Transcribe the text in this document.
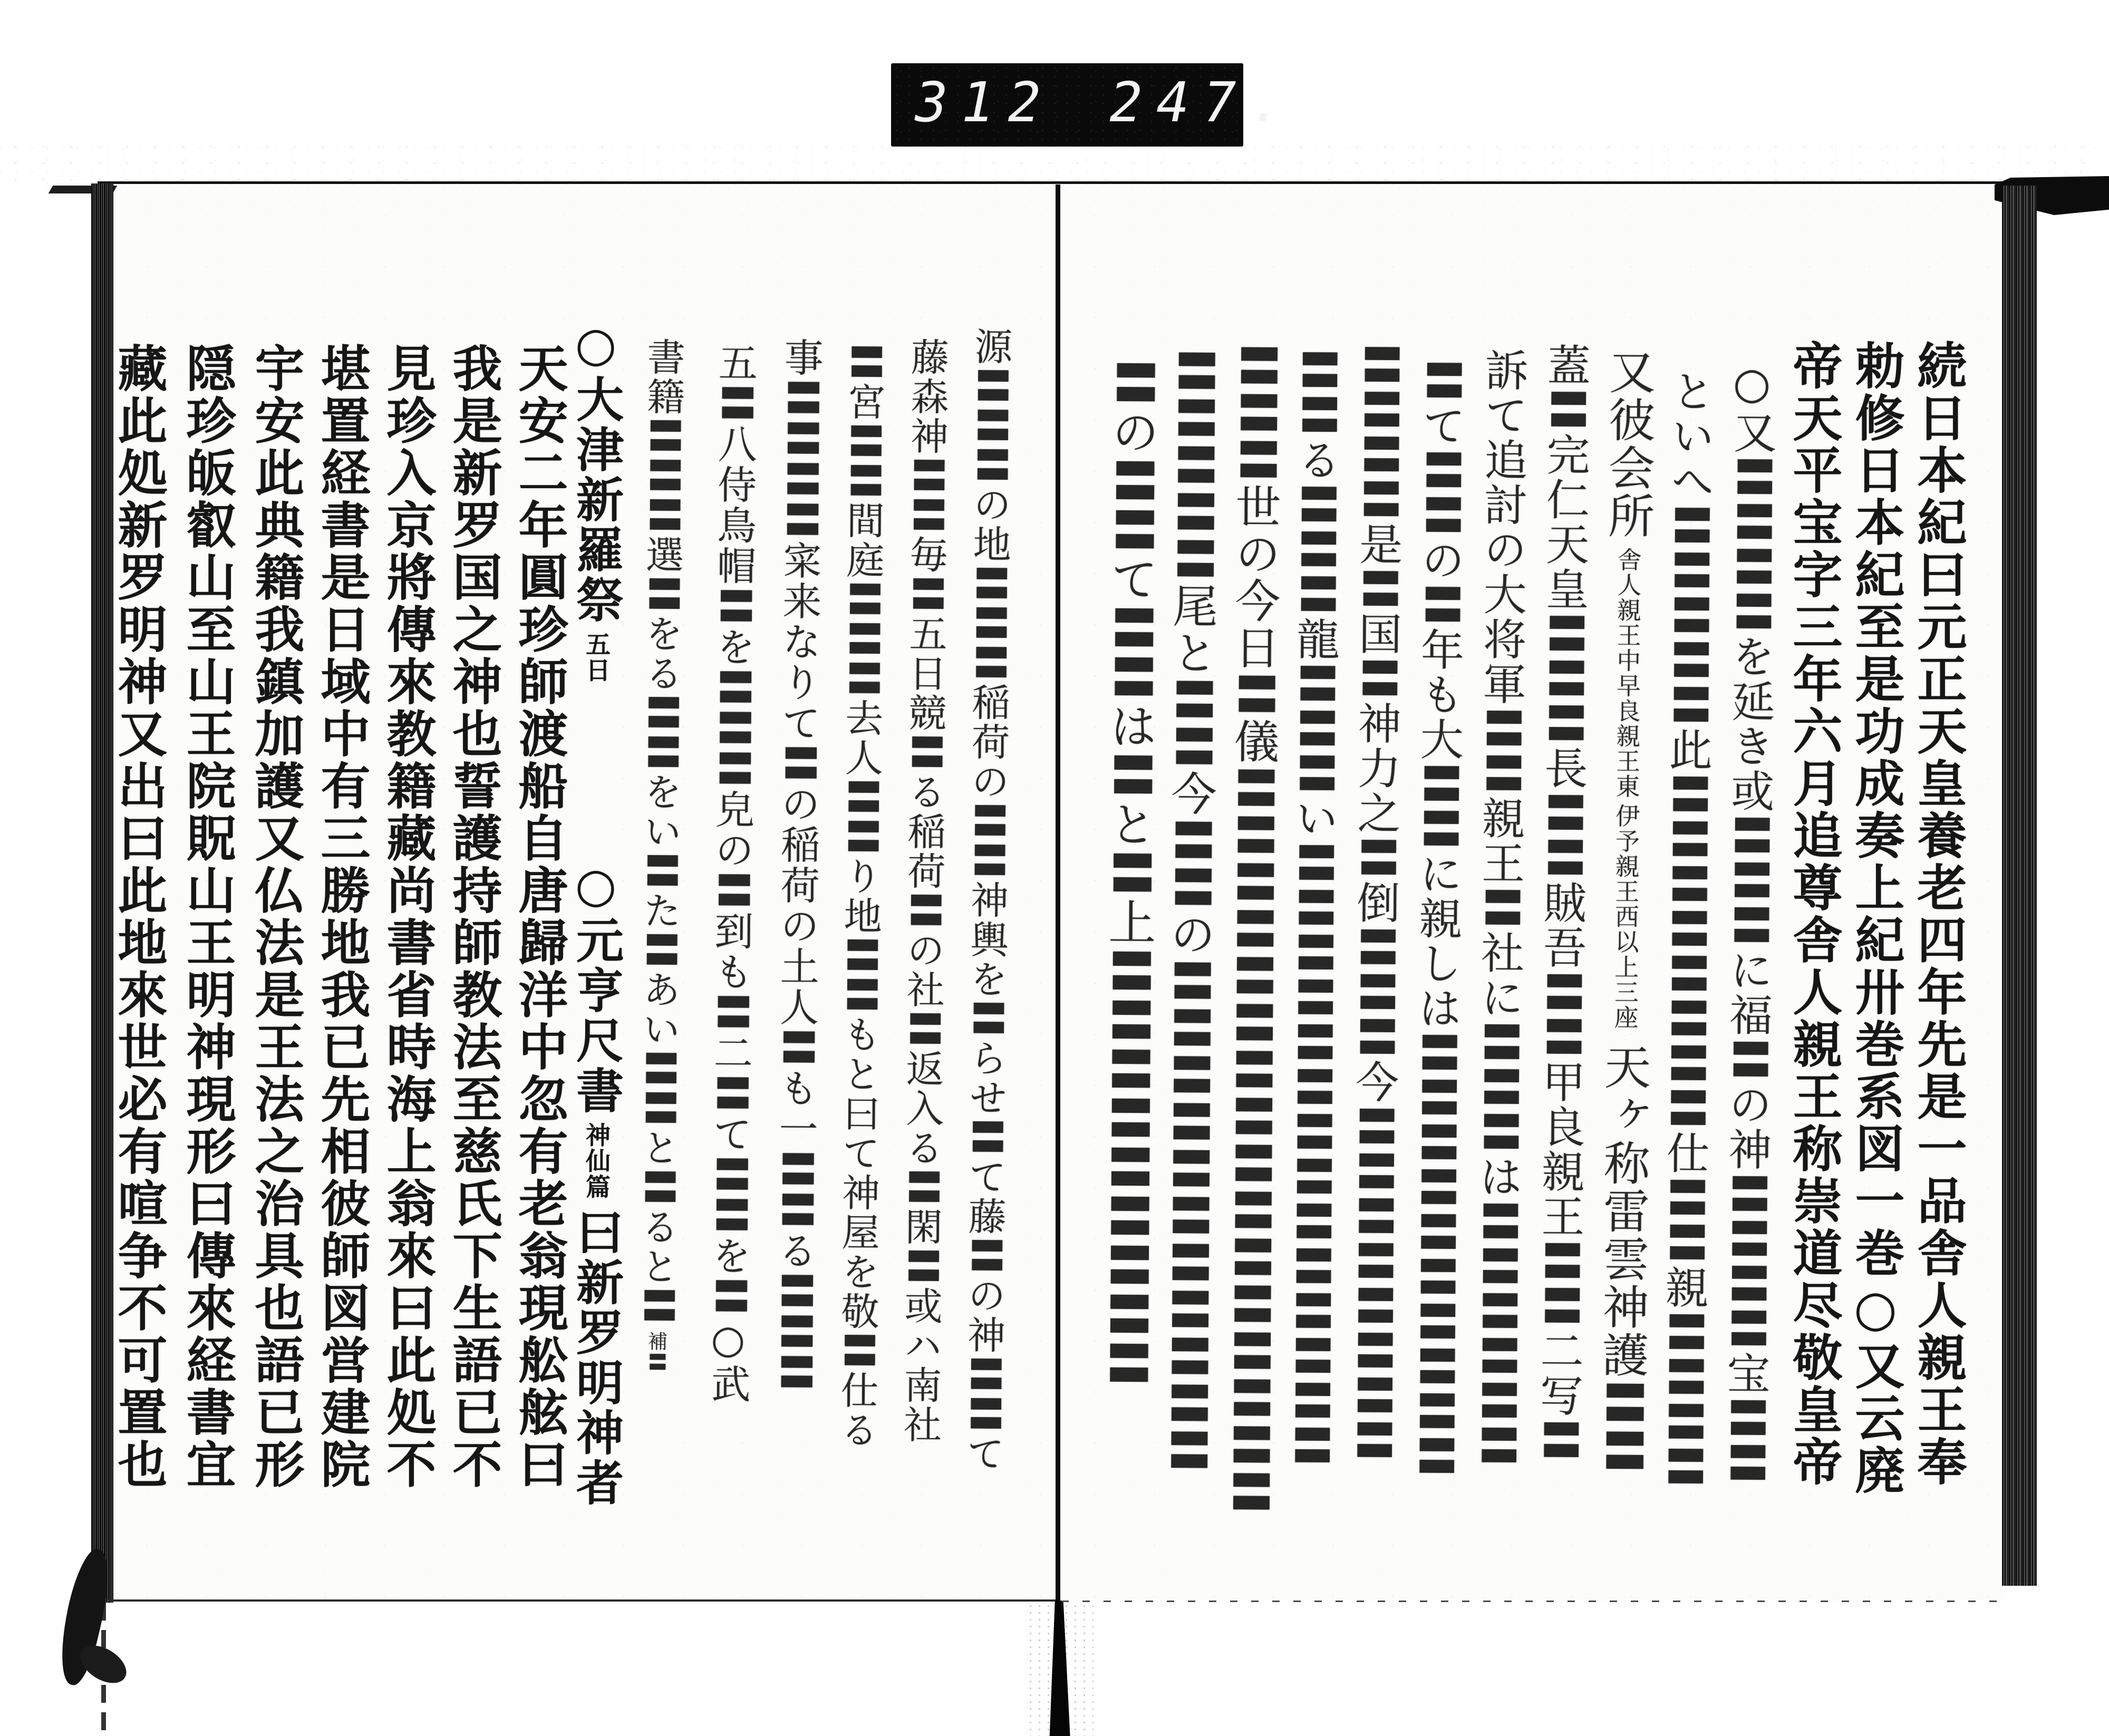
312 247.
続日本紀曰元正天皇養老四年先是一品舎人親王奉
勅修日本紀至是功成奏上紀卅巻系図一巻○又云廃
帝天平宝字三年六月追尊舎人親王称崇道尽敬皇帝
○又〓〓〓〓を延き或〓〓〓に福〓の神〓〓〓〓宝〓〓
といへ〓〓〓〓〓此〓〓〓〓〓〓〓〓仕〓〓親〓〓〓〓
又彼会所舎人親王中早良親王東伊予親王西以上三座天ヶ称雷雲神護〓〓
蓋〓完仁天皇〓〓〓長〓〓賊吾〓〓甲良親王〓〓二写〓
訴て追討の大将軍〓〓親王〓社に〓〓〓は〓〓〓〓〓〓
〓て〓〓の〓年も大〓〓に親しは〓〓〓〓〓〓〓〓〓〓
〓〓〓〓是〓国〓神力之〓倒〓〓〓今〓〓〓〓〓〓〓〓
〓〓る〓〓〓龍〓〓〓い〓〓〓〓〓〓〓〓〓〓〓〓〓〓
〓〓〓世の今日〓儀〓〓〓〓〓〓〓〓〓〓〓〓〓〓〓〓
〓〓〓〓〓尾と〓〓今〓〓の〓〓〓〓〓〓〓〓〓〓〓
〓の〓〓て〓〓は〓と〓上〓〓〓〓〓〓〓〓〓
源〓〓〓の地〓〓〓稲荷の〓〓神輿を〓らせ〓て藤〓の神〓〓て
藤森神〓〓毎〓五日競〓る稲荷〓の社〓返入る〓閑〓或ハ南社
〓宮〓〓間庭〓〓〓去人〓〓り地〓〓もと曰て神屋を敬〓仕る
事〓〓〓〓寀来なりて〓の稲荷の土人〓も一〓〓る〓〓〓
五〓八侍鳥帽〓を〓〓〓皃の〓到も〓二〓て〓〓を〓○武
書籍〓〓〓選〓をる〓〓をい〓た〓あい〓〓と〓ると〓補〓
○大津新羅祭五日○元亨尺書神仙篇曰新罗明神者
天安二年圓珍師渡船自唐歸洋中忽有老翁現舩舷曰
我是新罗国之神也誓護持師教法至慈氏下生語已不
見珍入京將傳來教籍藏尚書省時海上翁來曰此処不
堪置経書是日域中有三勝地我已先相彼師図営建院
宇安此典籍我鎮加護又仏法是王法之治具也語已形
隠珍皈叡山至山王院貺山王明神現形曰傳來経書宜
藏此処新罗明神又出曰此地來世必有喧争不可置也
